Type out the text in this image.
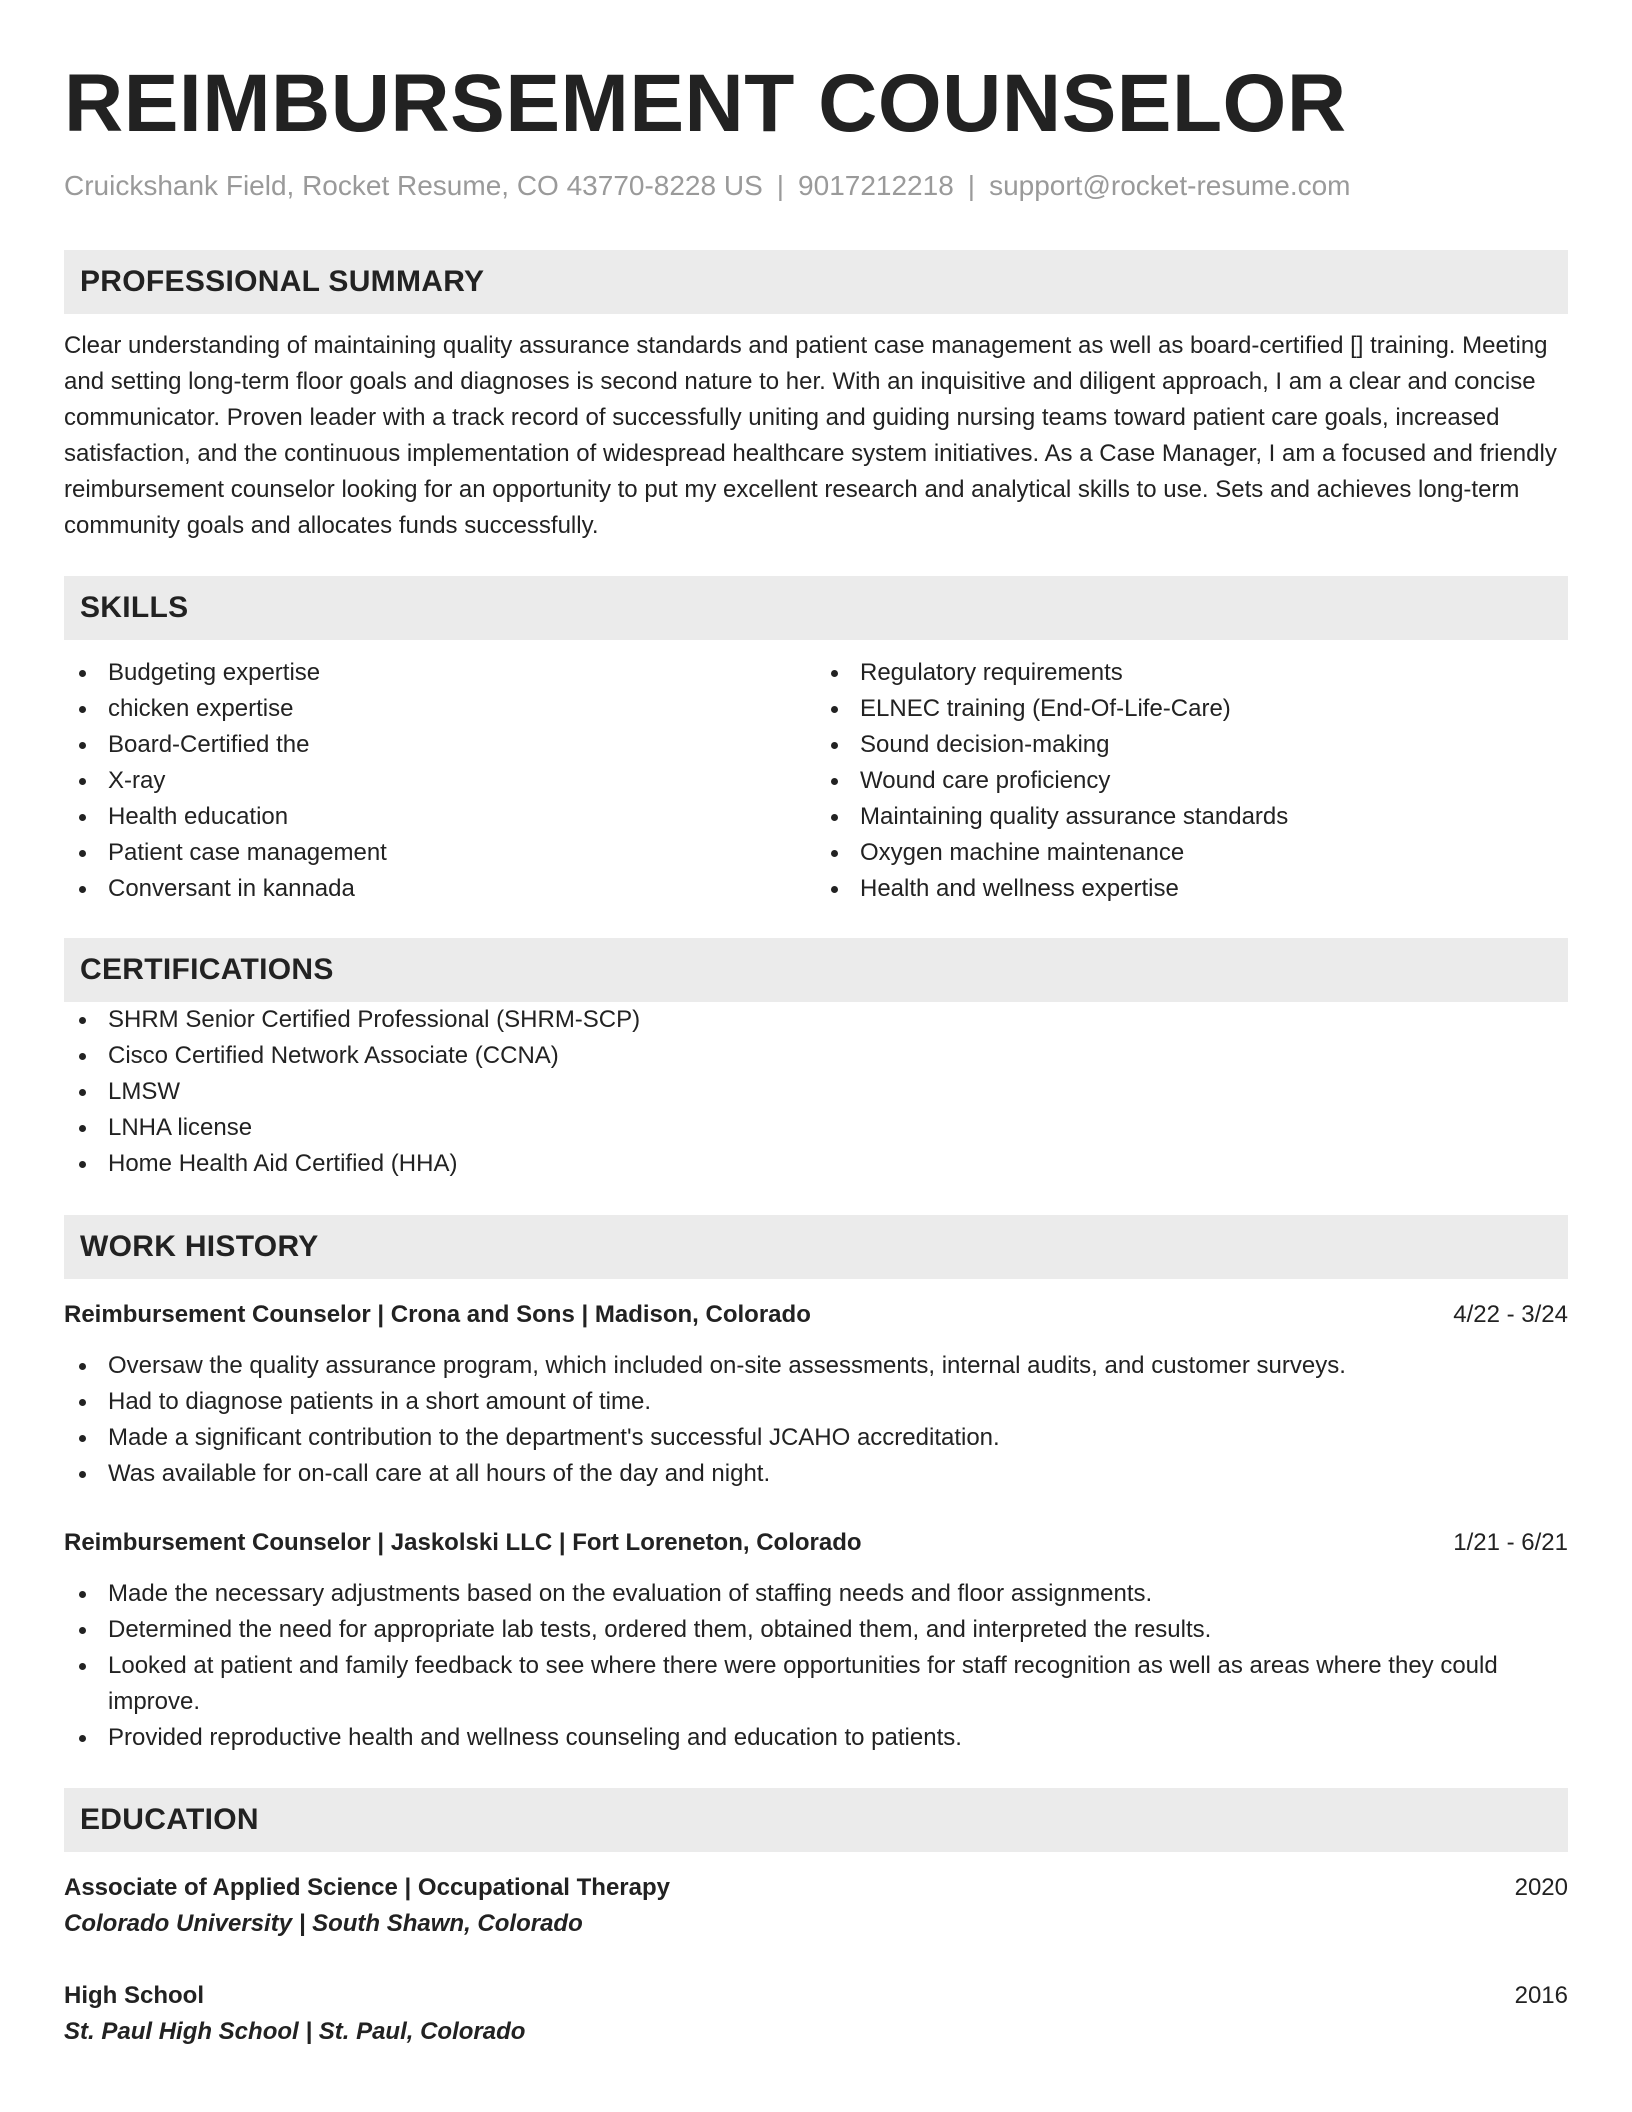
REIMBURSEMENT COUNSELOR
Cruickshank Field, Rocket Resume, CO 43770-8228 US | 9017212218 | support@rocket-resume.com
PROFESSIONAL SUMMARY

Clear understanding of maintaining quality assurance standards and patient case management as well as board-certified [] training. Meeting and setting long-term floor goals and diagnoses is second nature to her. With an inquisitive and diligent approach, I am a clear and concise communicator. Proven leader with a track record of successfully uniting and guiding nursing teams toward patient care goals, increased satisfaction, and the continuous implementation of widespread healthcare system initiatives. As a Case Manager, I am a focused and friendly reimbursement counselor looking for an opportunity to put my excellent research and analytical skills to use. Sets and achieves long-term community goals and allocates funds successfully.

SKILLS
Budgeting expertise
chicken expertise
Board-Certified the
X-ray
Health education
Patient case management
Conversant in kannada
Regulatory requirements
ELNEC training (End-Of-Life-Care)
Sound decision-making
Wound care proficiency
Maintaining quality assurance standards
Oxygen machine maintenance
Health and wellness expertise
CERTIFICATIONS
SHRM Senior Certified Professional (SHRM-SCP)
Cisco Certified Network Associate (CCNA)
LMSW
LNHA license
Home Health Aid Certified (HHA)
WORK HISTORY
Reimbursement Counselor | Crona and Sons | Madison, Colorado	4/22 - 3/24
Oversaw the quality assurance program, which included on-site assessments, internal audits, and customer surveys.
Had to diagnose patients in a short amount of time.
Made a significant contribution to the department's successful JCAHO accreditation.
Was available for on-call care at all hours of the day and night.
Reimbursement Counselor | Jaskolski LLC | Fort Loreneton, Colorado	1/21 - 6/21
Made the necessary adjustments based on the evaluation of staffing needs and floor assignments.
Determined the need for appropriate lab tests, ordered them, obtained them, and interpreted the results.
Looked at patient and family feedback to see where there were opportunities for staff recognition as well as areas where they could improve.
Provided reproductive health and wellness counseling and education to patients.
EDUCATION
Associate of Applied Science | Occupational Therapy	2020
Colorado University | South Shawn, Colorado
High School	2016
St. Paul High School | St. Paul, Colorado
